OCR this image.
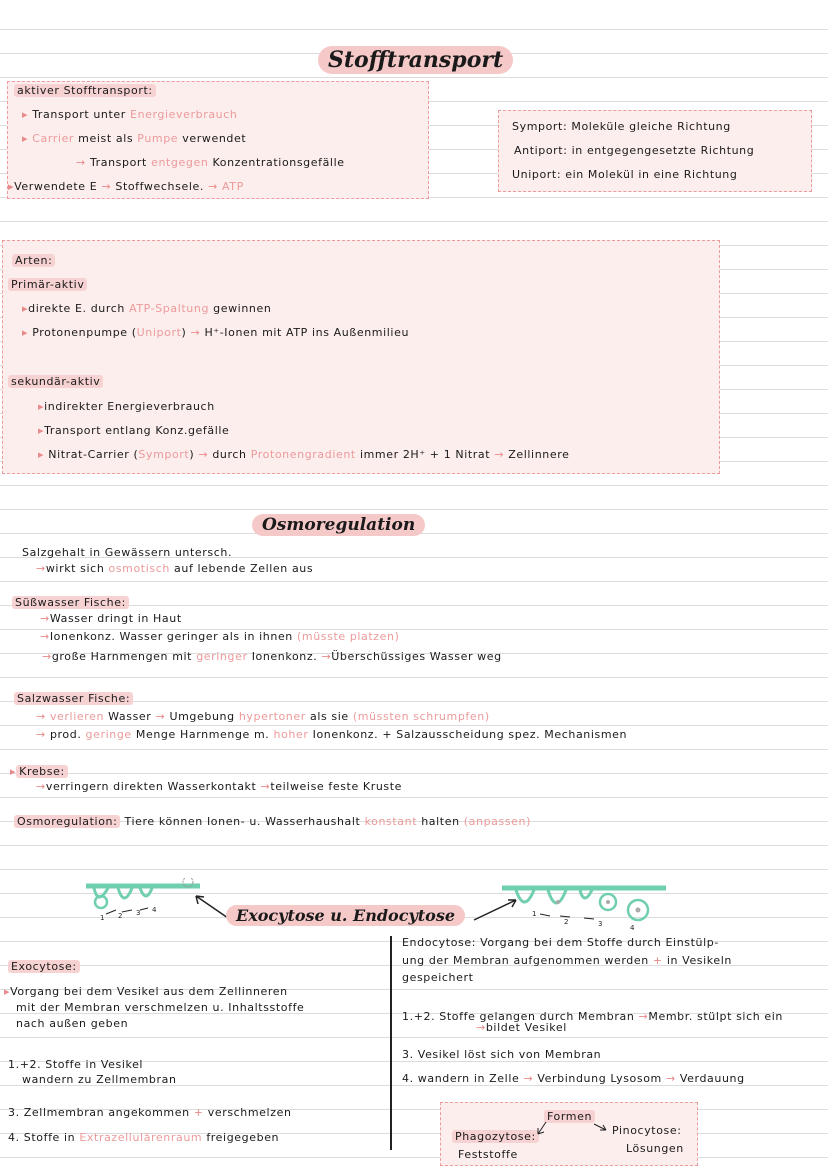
Stofftransport
aktiver Stofftransport:
▸ Transport unter Energieverbrauch
▸ Carrier meist als Pumpe verwendet
→ Transport entgegen Konzentrationsgefälle
▸Verwendete E → Stoffwechsele. → ATP
Symport: Moleküle gleiche Richtung
Antiport: in entgegengesetzte Richtung
Uniport: ein Molekül in eine Richtung
Arten:
Primär-aktiv
▸direkte E. durch ATP-Spaltung gewinnen
▸ Protonenpumpe (Uniport) → H⁺-Ionen mit ATP ins Außenmilieu
sekundär-aktiv
▸indirekter Energieverbrauch
▸Transport entlang Konz.gefälle
▸ Nitrat-Carrier (Symport) → durch Protonengradient immer 2H⁺ + 1 Nitrat → Zellinnere
Osmoregulation
Salzgehalt in Gewässern untersch.
→wirkt sich osmotisch auf lebende Zellen aus
Süßwasser Fische:
→Wasser dringt in Haut
→Ionenkonz. Wasser geringer als in ihnen (müsste platzen)
→große Harnmengen mit geringer Ionenkonz. →Überschüssiges Wasser weg
Salzwasser Fische:
→ verlieren Wasser → Umgebung hypertoner als sie (müssten schrumpfen)
→ prod. geringe Menge Harnmenge m. hoher Ionenkonz. + Salzausscheidung spez. Mechanismen
▸ Krebse:
→verringern direkten Wasserkontakt →teilweise feste Kruste
Osmoregulation: Tiere können Ionen- u. Wasserhaushalt konstant halten (anpassen)
1 2 3 4	Exocytose u. Endocytose	1
2	3	4
Exocytose:
▸Vorgang bei dem Vesikel aus dem Zellinneren
mit der Membran verschmelzen u. Inhaltsstoffe
nach außen geben
1.+2. Stoffe in Vesikel
wandern zu Zellmembran
3. Zellmembran angekommen + verschmelzen
4. Stoffe in Extrazellulärenraum freigegeben
Endocytose: Vorgang bei dem Stoffe durch Einstülp-
ung der Membran aufgenommen werden + in Vesikeln
gespeichert
1.+2. Stoffe gelangen durch Membran →Membr. stülpt sich ein
→bildet Vesikel
3. Vesikel löst sich von Membran
4. wandern in Zelle → Verbindung Lysosom → Verdauung
Formen
Phagozytose:
Feststoffe
Pinocytose:
Lösungen
